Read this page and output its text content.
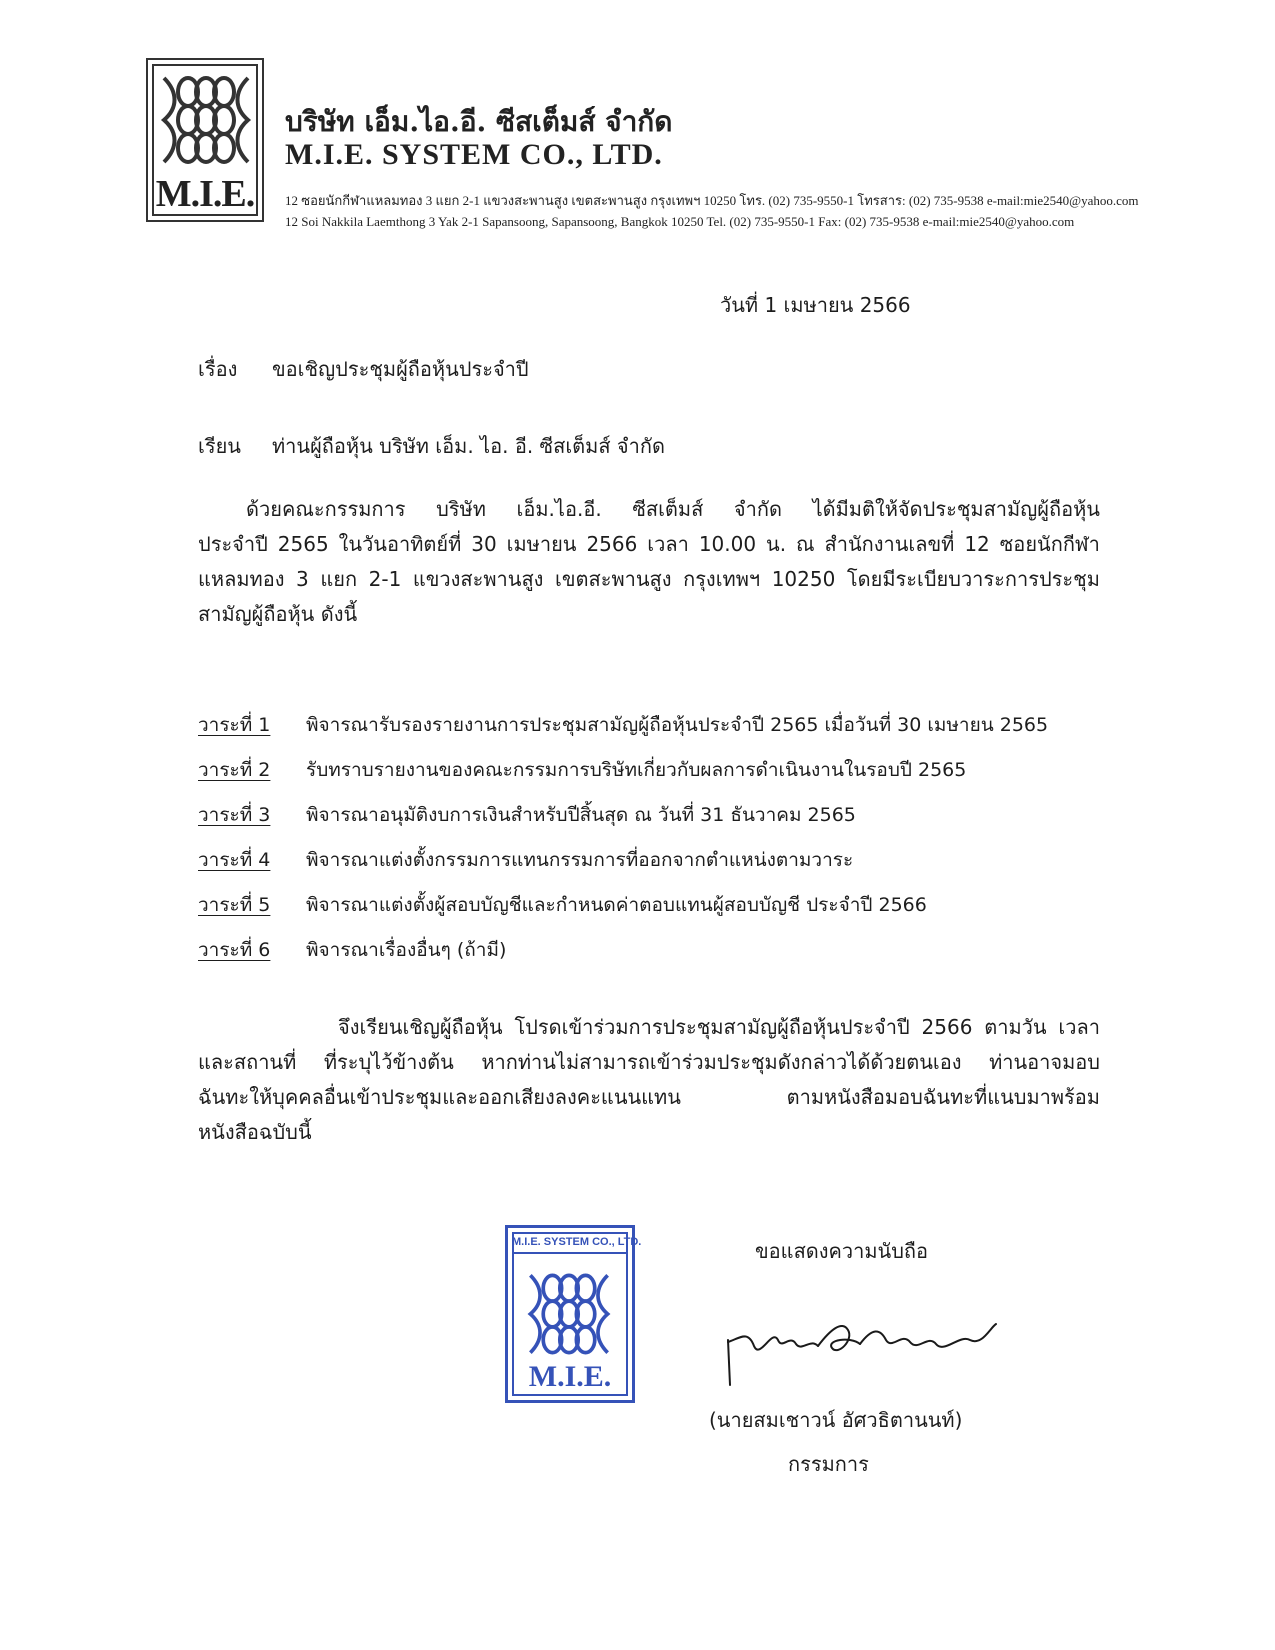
M.I.E.
บริษัท เอ็ม.ไอ.อี. ซีสเต็มส์ จำกัด
M.I.E. SYSTEM CO., LTD.
12 ซอยนักกีฬาแหลมทอง 3 แยก 2-1 แขวงสะพานสูง เขตสะพานสูง กรุงเทพฯ 10250 โทร. (02) 735-9550-1 โทรสาร: (02) 735-9538 e-mail:mie2540@yahoo.com
12 Soi Nakkila Laemthong 3 Yak 2-1 Sapansoong, Sapansoong, Bangkok 10250 Tel. (02) 735-9550-1 Fax: (02) 735-9538 e-mail:mie2540@yahoo.com
วันที่ 1 เมษายน 2566
เรื่อง ขอเชิญประชุมผู้ถือหุ้นประจำปี
เรียน ท่านผู้ถือหุ้น บริษัท เอ็ม. ไอ. อี. ซีสเต็มส์ จำกัด
ด้วยคณะกรรมการ บริษัท เอ็ม.ไอ.อี. ซีสเต็มส์ จำกัด ได้มีมติให้จัดประชุมสามัญผู้ถือหุ้น
ประจำปี 2565 ในวันอาทิตย์ที่ 30 เมษายน 2566 เวลา 10.00 น. ณ สำนักงานเลขที่ 12 ซอยนักกีฬา
แหลมทอง 3 แยก 2-1 แขวงสะพานสูง เขตสะพานสูง กรุงเทพฯ 10250 โดยมีระเบียบวาระการประชุม
สามัญผู้ถือหุ้น ดังนี้
วาระที่ 1	พิจารณารับรองรายงานการประชุมสามัญผู้ถือหุ้นประจำปี 2565 เมื่อวันที่ 30 เมษายน 2565
วาระที่ 2	รับทราบรายงานของคณะกรรมการบริษัทเกี่ยวกับผลการดำเนินงานในรอบปี 2565
วาระที่ 3	พิจารณาอนุมัติงบการเงินสำหรับปีสิ้นสุด ณ วันที่ 31 ธันวาคม 2565
วาระที่ 4	พิจารณาแต่งตั้งกรรมการแทนกรรมการที่ออกจากตำแหน่งตามวาระ
วาระที่ 5	พิจารณาแต่งตั้งผู้สอบบัญชีและกำหนดค่าตอบแทนผู้สอบบัญชี ประจำปี 2566
วาระที่ 6	พิจารณาเรื่องอื่นๆ (ถ้ามี)
จึงเรียนเชิญผู้ถือหุ้น โปรดเข้าร่วมการประชุมสามัญผู้ถือหุ้นประจำปี 2566 ตามวัน เวลา
และสถานที่ ที่ระบุไว้ข้างต้น หากท่านไม่สามารถเข้าร่วมประชุมดังกล่าวได้ด้วยตนเอง ท่านอาจมอบ
ฉันทะให้บุคคลอื่นเข้าประชุมและออกเสียงลงคะแนนแทน	ตามหนังสือมอบฉันทะที่แนบมาพร้อม
หนังสือฉบับนี้
M.I.E. SYSTEM CO., LTD.
M.I.E.
ขอแสดงความนับถือ
(นายสมเชาวน์ อัศวธิตานนท์)
กรรมการ
